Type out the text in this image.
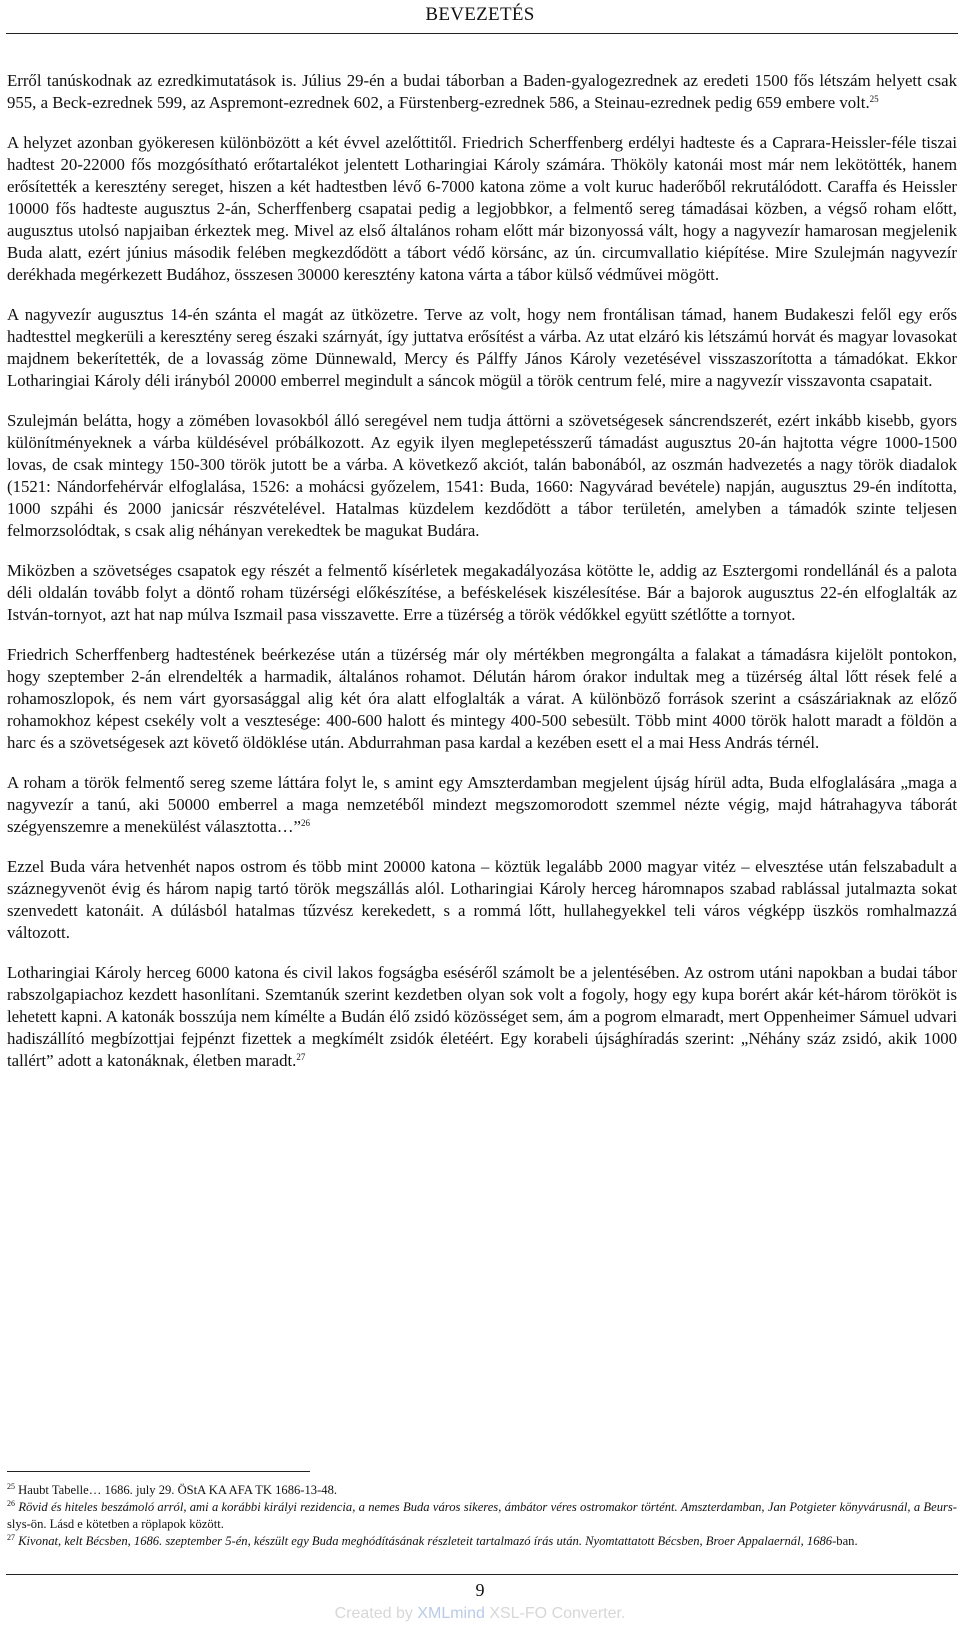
BEVEZETÉS

Erről tanúskodnak az ezredkimutatások is. Július 29-én a budai táborban a Baden-gyalogezrednek az eredeti 1500 fős létszám helyett csak 955, a Beck-ezrednek 599, az Aspremont-ezrednek 602, a Fürstenberg-ezrednek 586, a Steinau-ezrednek pedig 659 embere volt.$^{25}$

A helyzet azonban gyökeresen különbözött a két évvel azelőttitől. Friedrich Scherffenberg erdélyi hadteste és a Caprara-Heissler-féle tiszai hadtest 20-22000 fős mozgósítható erőtartalékot jelentett Lotharingiai Károly számára. Thököly katonái most már nem lekötötték, hanem erősítették a keresztény sereget, hiszen a két hadtestben lévő 6-7000 katona zöme a volt kuruc haderőből rekrutálódott. Caraffa és Heissler 10000 fős hadteste augusztus 2-án, Scherffenberg csapatai pedig a legjobbkor, a felmentő sereg támadásai közben, a végső roham előtt, augusztus utolsó napjaiban érkeztek meg. Mivel az első általános roham előtt már bizonyossá vált, hogy a nagyvezír hamarosan megjelenik Buda alatt, ezért június második felében megkezdődött a tábort védő körsánc, az ún. circumvallatio kiépítése. Mire Szulejmán nagyvezír derékhada megérkezett Budához, összesen 30000 keresztény katona várta a tábor külső védművei mögött.

A nagyvezír augusztus 14-én szánta el magát az ütközetre. Terve az volt, hogy nem frontálisan támad, hanem Budakeszi felől egy erős hadtesttel megkerüli a keresztény sereg északi szárnyát, így juttatva erősítést a várba. Az utat elzáró kis létszámú horvát és magyar lovasokat majdnem bekerítették, de a lovasság zöme Dünnewald, Mercy és Pálffy János Károly vezetésével visszaszorította a támadókat. Ekkor Lotharingiai Károly déli irányból 20000 emberrel megindult a sáncok mögül a török centrum felé, mire a nagyvezír visszavonta csapatait.

Szulejmán belátta, hogy a zömében lovasokból álló seregével nem tudja áttörni a szövetségesek sáncrendszerét, ezért inkább kisebb, gyors különítményeknek a várba küldésével próbálkozott. Az egyik ilyen meglepetésszerű támadást augusztus 20-án hajtotta végre 1000-1500 lovas, de csak mintegy 150-300 török jutott be a várba. A következő akciót, talán babonából, az oszmán hadvezetés a nagy török diadalok (1521: Nándorfehérvár elfoglalása, 1526: a mohácsi győzelem, 1541: Buda, 1660: Nagyvárad bevétele) napján, augusztus 29-én indította, 1000 szpáhi és 2000 janicsár részvételével. Hatalmas küzdelem kezdődött a tábor területén, amelyben a támadók szinte teljesen felmorzsolódtak, s csak alig néhányan verekedtek be magukat Budára.

Miközben a szövetséges csapatok egy részét a felmentő kísérletek megakadályozása kötötte le, addig az Esztergomi rondellánál és a palota déli oldalán tovább folyt a döntő roham tüzérségi előkészítése, a beféskelések kiszélesítése. Bár a bajorok augusztus 22-én elfoglalták az István-tornyot, azt hat nap múlva Iszmail pasa visszavette. Erre a tüzérség a török védőkkel együtt szétlőtte a tornyot.

Friedrich Scherffenberg hadtestének beérkezése után a tüzérség már oly mértékben megrongálta a falakat a támadásra kijelölt pontokon, hogy szeptember 2-án elrendelték a harmadik, általános rohamot. Délután három órakor indultak meg a tüzérség által lőtt rések felé a rohamoszlopok, és nem várt gyorsasággal alig két óra alatt elfoglalták a várat. A különböző források szerint a császáriaknak az előző rohamokhoz képest csekély volt a vesztesége: 400-600 halott és mintegy 400-500 sebesült. Több mint 4000 török halott maradt a földön a harc és a szövetségesek azt követő öldöklése után. Abdurrahman pasa kardal a kezében esett el a mai Hess András térnél.

A roham a török felmentő sereg szeme láttára folyt le, s amint egy Amszterdamban megjelent újság hírül adta, Buda elfoglalására „maga a nagyvezír a tanú, aki 50000 emberrel a maga nemzetéből mindezt megszomorodott szemmel nézte végig, majd hátrahagyva táborát szégyenszemre a menekülést választotta…”$^{26}$

Ezzel Buda vára hetvenhét napos ostrom és több mint 20000 katona – köztük legalább 2000 magyar vitéz – elvesztése után felszabadult a száznegyvenöt évig és három napig tartó török megszállás alól. Lotharingiai Károly herceg háromnapos szabad rablással jutalmazta sokat szenvedett katonáit. A dúlásból hatalmas tűzvész kerekedett, s a rommá lőtt, hullahegyekkel teli város végképp üszkös romhalmazzá változott.

Lotharingiai Károly herceg 6000 katona és civil lakos fogságba eséséről számolt be a jelentésében. Az ostrom utáni napokban a budai tábor rabszolgapiachoz kezdett hasonlítani. Szemtanúk szerint kezdetben olyan sok volt a fogoly, hogy egy kupa borért akár két-három törököt is lehetett kapni. A katonák bosszúja nem kímélte a Budán élő zsidó közösséget sem, ám a pogrom elmaradt, mert Oppenheimer Sámuel udvari hadiszállító megbízottjai fejpénzt fizettek a megkímélt zsidók életéért. Egy korabeli újsághíradás szerint: „Néhány száz zsidó, akik 1000 tallért” adott a katonáknak, életben maradt.$^{27}$

$^{25}$ Haubt Tabelle… 1686. july 29. ÖStA KA AFA TK 1686-13-48.

$^{26}$ Rövid és hiteles beszámoló arról, ami a korábbi királyi rezidencia, a nemes Buda város sikeres, ámbátor véres ostromakor történt. Amszterdamban, Jan Potgieter könyvárusnál, a Beurs-slys-ön. Lásd e kötetben a röplapok között.

$^{27}$ Kivonat, kelt Bécsben, 1686. szeptember 5-én, készült egy Buda meghódításának részleteit tartalmazó írás után. Nyomtattatott Bécsben, Broer Appalaernál, 1686-ban.

9
Created by XMLmind XSL-FO Converter.
